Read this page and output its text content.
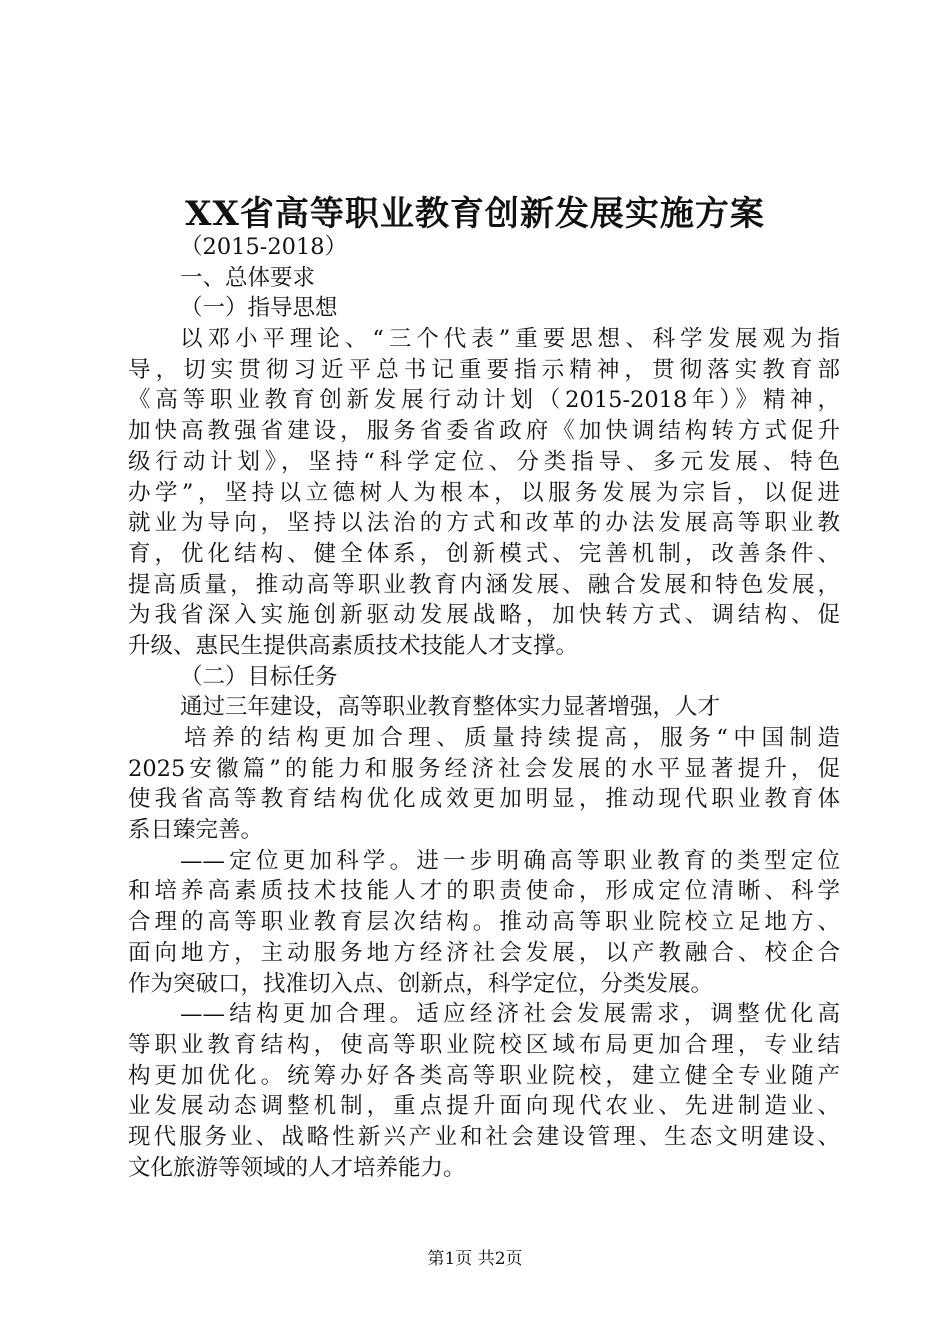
XX省高等职业教育创新发展实施方案
（2015-2018）
一、总体要求
（一）指导思想
以邓小平理论、“三个代表”重要思想、科学发展观为指
导，切实贯彻习近平总书记重要指示精神，贯彻落实教育部
《高等职业教育创新发展行动计划（2015-2018年）》精神，
加快高教强省建设，服务省委省政府《加快调结构转方式促升
级行动计划》，坚持“科学定位、分类指导、多元发展、特色
办学”，坚持以立德树人为根本，以服务发展为宗旨，以促进
就业为导向，坚持以法治的方式和改革的办法发展高等职业教
育，优化结构、健全体系，创新模式、完善机制，改善条件、
提高质量，推动高等职业教育内涵发展、融合发展和特色发展，
为我省深入实施创新驱动发展战略，加快转方式、调结构、促
升级、惠民生提供高素质技术技能人才支撑。
（二）目标任务
通过三年建设，高等职业教育整体实力显著增强，人才
培养的结构更加合理、质量持续提高，服务“中国制造
2025安徽篇”的能力和服务经济社会发展的水平显著提升，促
使我省高等教育结构优化成效更加明显，推动现代职业教育体
系日臻完善。
——定位更加科学。进一步明确高等职业教育的类型定位
和培养高素质技术技能人才的职责使命，形成定位清晰、科学
合理的高等职业教育层次结构。推动高等职业院校立足地方、
面向地方，主动服务地方经济社会发展，以产教融合、校企合
作为突破口，找准切入点、创新点，科学定位，分类发展。
——结构更加合理。适应经济社会发展需求，调整优化高
等职业教育结构，使高等职业院校区域布局更加合理，专业结
构更加优化。统筹办好各类高等职业院校，建立健全专业随产
业发展动态调整机制，重点提升面向现代农业、先进制造业、
现代服务业、战略性新兴产业和社会建设管理、生态文明建设、
文化旅游等领域的人才培养能力。
第1页 共2页
